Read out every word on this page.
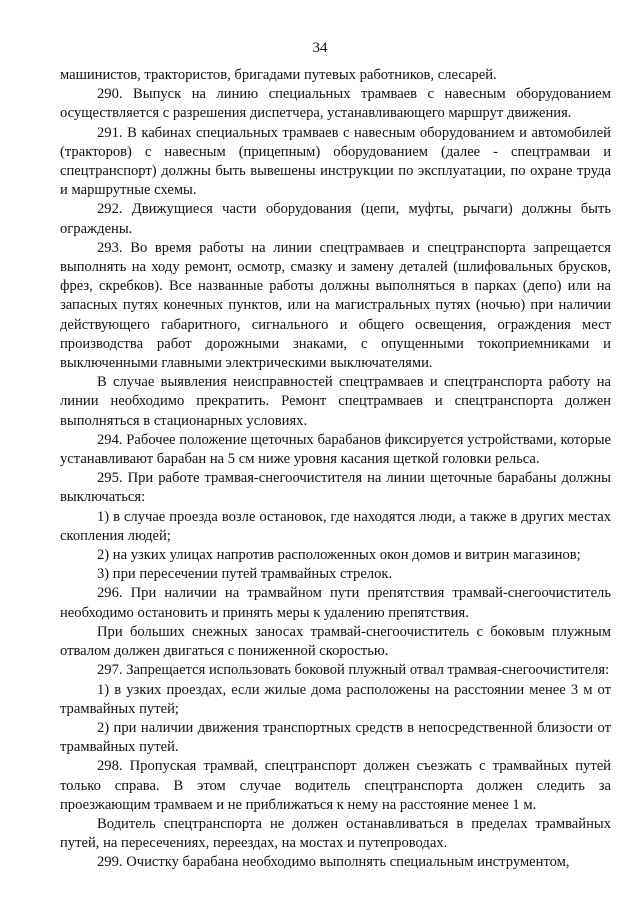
34

машинистов, трактористов, бригадами путевых работников, слесарей.

290. Выпуск на линию специальных трамваев с навесным оборудованием осуществляется с разрешения диспетчера, устанавливающего маршрут движения.

291. В кабинах специальных трамваев с навесным оборудованием и автомобилей (тракторов) с навесным (прицепным) оборудованием (далее - спецтрамваи и спецтранспорт) должны быть вывешены инструкции по эксплуатации, по охране труда и маршрутные схемы.

292. Движущиеся части оборудования (цепи, муфты, рычаги) должны быть ограждены.

293. Во время работы на линии спецтрамваев и спецтранспорта запрещается выполнять на ходу ремонт, осмотр, смазку и замену деталей (шлифовальных брусков, фрез, скребков). Все названные работы должны выполняться в парках (депо) или на запасных путях конечных пунктов, или на магистральных путях (ночью) при наличии действующего габаритного, сигнального и общего освещения, ограждения мест производства работ дорожными знаками, с опущенными токоприемниками и выключенными главными электрическими выключателями.

В случае выявления неисправностей спецтрамваев и спецтранспорта работу на линии необходимо прекратить. Ремонт спецтрамваев и спецтранспорта должен выполняться в стационарных условиях.

294. Рабочее положение щеточных барабанов фиксируется устройствами, которые устанавливают барабан на 5 см ниже уровня касания щеткой головки рельса.

295. При работе трамвая-снегоочистителя на линии щеточные барабаны должны выключаться:

1) в случае проезда возле остановок, где находятся люди, а также в других местах скопления людей;

2) на узких улицах напротив расположенных окон домов и витрин магазинов;

3) при пересечении путей трамвайных стрелок.

296. При наличии на трамвайном пути препятствия трамвай-снегоочиститель необходимо остановить и принять меры к удалению препятствия.

При больших снежных заносах трамвай-снегоочиститель с боковым плужным отвалом должен двигаться с пониженной скоростью.

297. Запрещается использовать боковой плужный отвал трамвая-снегоочистителя:

1) в узких проездах, если жилые дома расположены на расстоянии менее 3 м от трамвайных путей;

2) при наличии движения транспортных средств в непосредственной близости от трамвайных путей.

298. Пропуская трамвай, спецтранспорт должен съезжать с трамвайных путей только справа. В этом случае водитель спецтранспорта должен следить за проезжающим трамваем и не приближаться к нему на расстояние менее 1 м.

Водитель спецтранспорта не должен останавливаться в пределах трамвайных путей, на пересечениях, переездах, на мостах и путепроводах.

299. Очистку барабана необходимо выполнять специальным инструментом,
